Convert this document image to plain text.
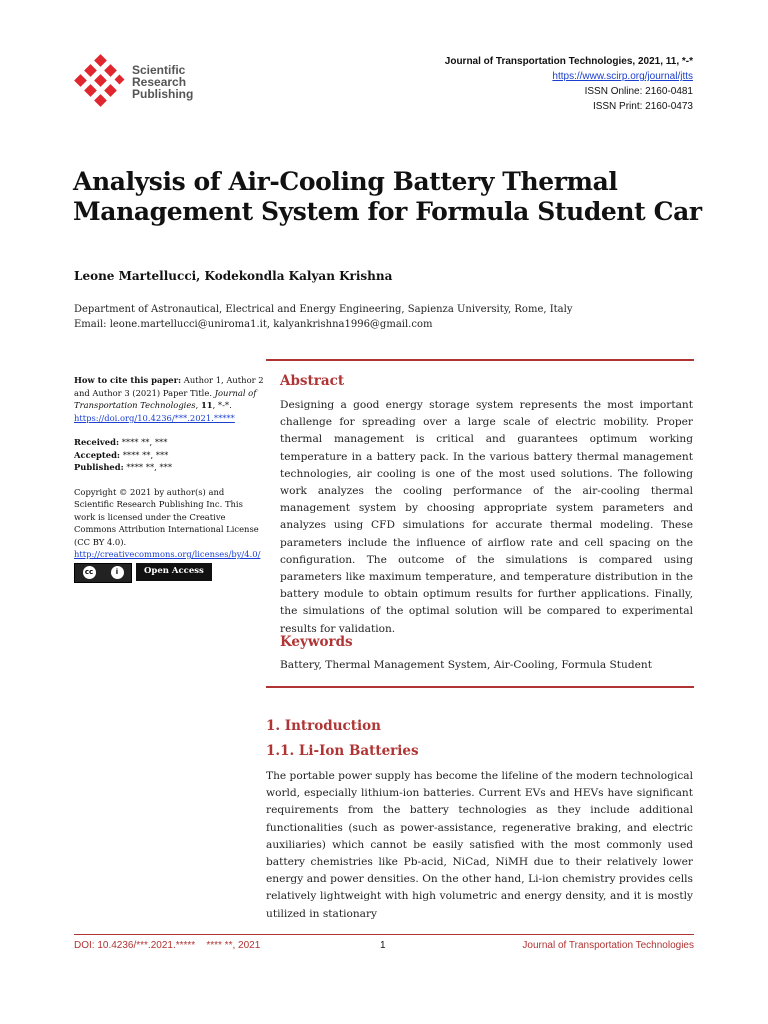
Scientific
Research
Publishing
Journal of Transportation Technologies, 2021, 11, *-*
https://www.scirp.org/journal/jtts
ISSN Online: 2160-0481
ISSN Print: 2160-0473
Analysis of Air-Cooling Battery Thermal Management System for Formula Student Car
Leone Martellucci, Kodekondla Kalyan Krishna
Department of Astronautical, Electrical and Energy Engineering, Sapienza University, Rome, Italy
Email: leone.martellucci@uniroma1.it, kalyankrishna1996@gmail.com

How to cite this paper: Author 1, Author 2 and Author 3 (2021) Paper Title. Journal of Transportation Technologies, 11, *-*.
https://doi.org/10.4236/***.2021.*****

Received: **** **, ***
Accepted: **** **, ***
Published: **** **, ***

Copyright © 2021 by author(s) and Scientific Research Publishing Inc. This work is licensed under the Creative Commons Attribution International License (CC BY 4.0).
http://creativecommons.org/licenses/by/4.0/

cc	i	Open Access
Abstract
Designing a good energy storage system represents the most important challenge for spreading over a large scale of electric mobility. Proper thermal management is critical and guarantees optimum working temperature in a battery pack. In the various battery thermal management technologies, air cooling is one of the most used solutions. The following work analyzes the cooling performance of the air-cooling thermal management system by choosing appropriate system parameters and analyzes using CFD simulations for accurate thermal modeling. These parameters include the influence of airflow rate and cell spacing on the configuration. The outcome of the simulations is compared using parameters like maximum temperature, and temperature distribution in the battery module to obtain optimum results for further applications. Finally, the simulations of the optimal solution will be compared to experimental results for validation.
Keywords
Battery, Thermal Management System, Air-Cooling, Formula Student
1. Introduction
1.1. Li-Ion Batteries
The portable power supply has become the lifeline of the modern technological world, especially lithium-ion batteries. Current EVs and HEVs have significant requirements from the battery technologies as they include additional functionalities (such as power-assistance, regenerative braking, and electric auxiliaries) which cannot be easily satisfied with the most commonly used battery chemistries like Pb-acid, NiCad, NiMH due to their relatively lower energy and power densities. On the other hand, Li-ion chemistry provides cells relatively lightweight with high volumetric and energy density, and it is mostly utilized in stationary
DOI: 10.4236/***.2021.***** **** **, 2021	1	Journal of Transportation Technologies
